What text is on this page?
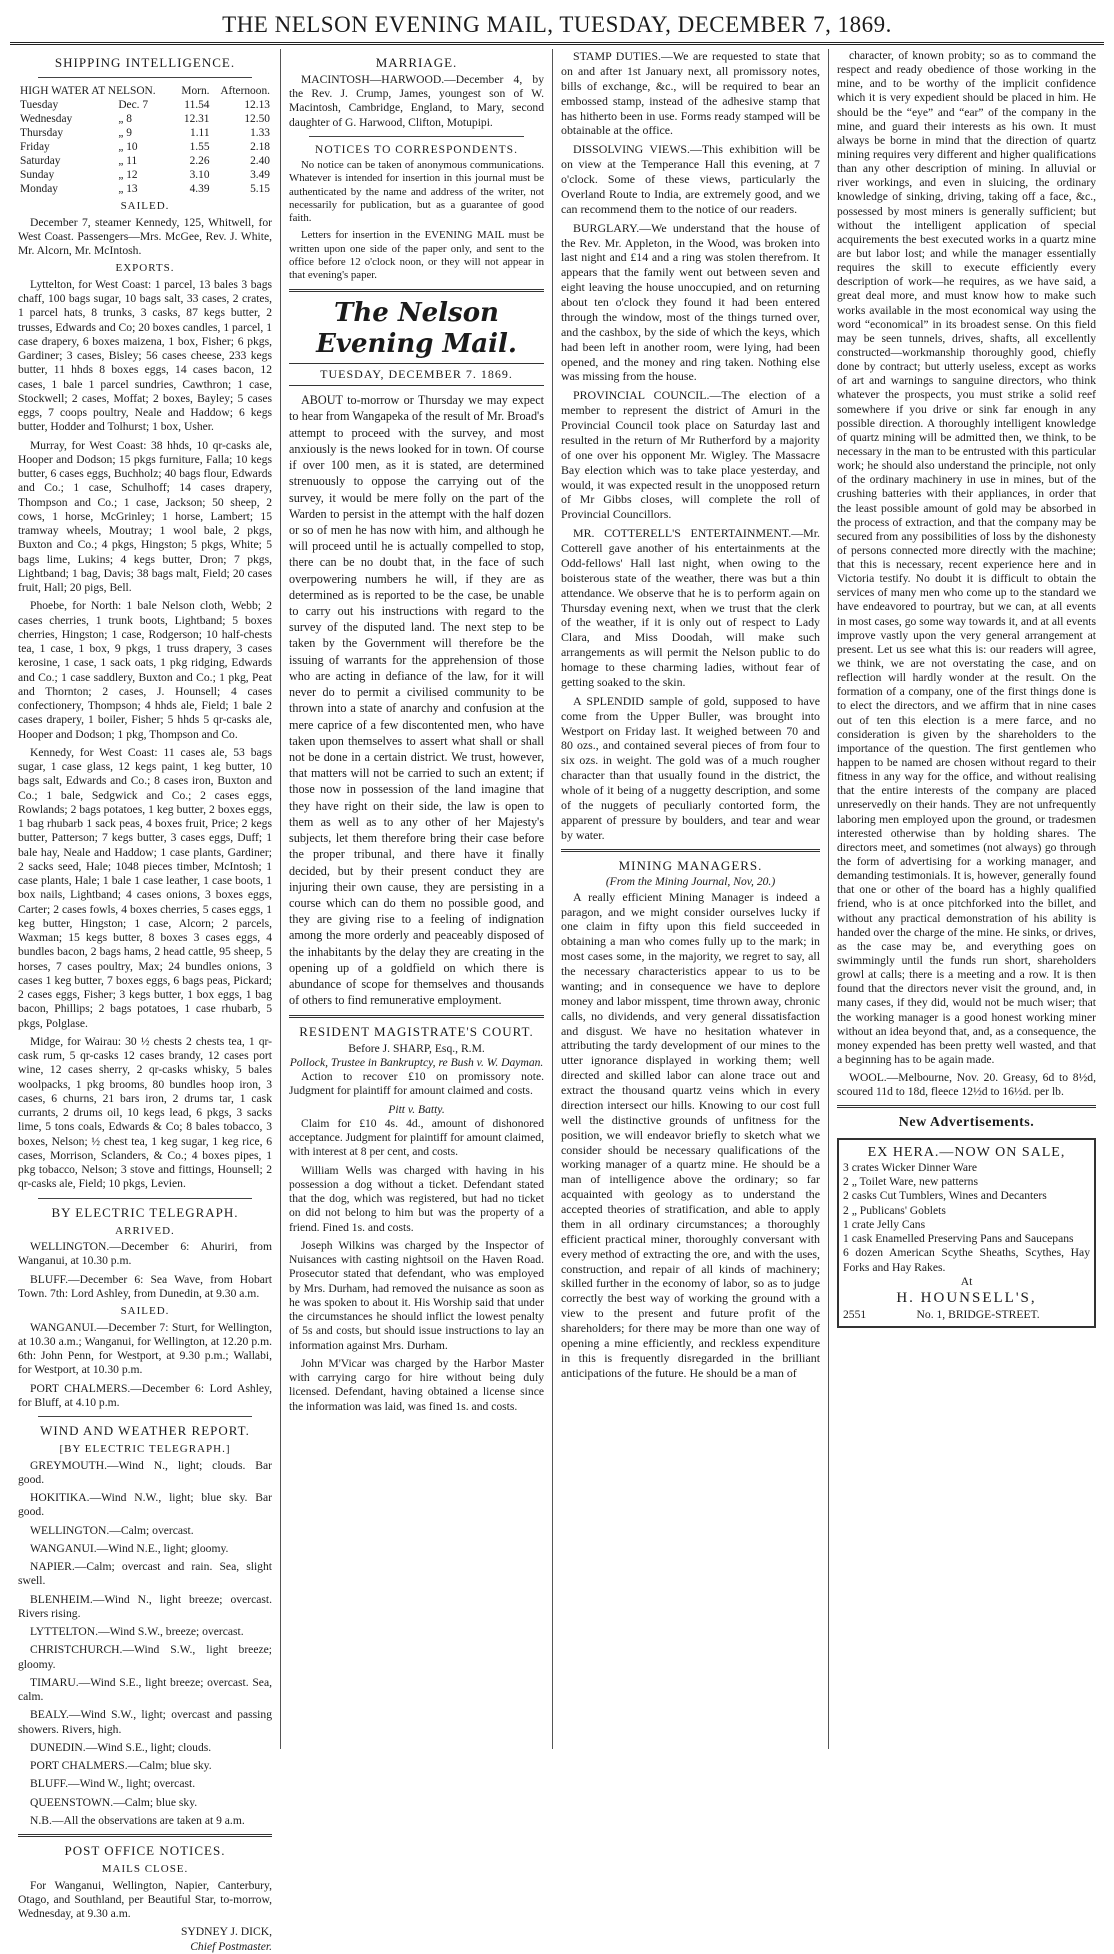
THE NELSON EVENING MAIL, TUESDAY, DECEMBER 7, 1869.
SHIPPING INTELLIGENCE.
HIGH WATER AT NELSON.		Morn.	Afternoon.
Tuesday	Dec. 7	11.54	12.13
Wednesday	„ 8	12.31	12.50
Thursday	„ 9	1.11	1.33
Friday	„ 10	1.55	2.18
Saturday	„ 11	2.26	2.40
Sunday	„ 12	3.10	3.49
Monday	„ 13	4.39	5.15
SAILED.

December 7, steamer Kennedy, 125, Whitwell, for West Coast. Passengers—Mrs. McGee, Rev. J. White, Mr. Alcorn, Mr. McIntosh.

EXPORTS.

Lyttelton, for West Coast: 1 parcel, 13 bales 3 bags chaff, 100 bags sugar, 10 bags salt, 33 cases, 2 crates, 1 parcel hats, 8 trunks, 3 casks, 87 kegs butter, 2 trusses, Edwards and Co; 20 boxes candles, 1 parcel, 1 case drapery, 6 boxes maizena, 1 box, Fisher; 6 pkgs, Gardiner; 3 cases, Bisley; 56 cases cheese, 233 kegs butter, 11 hhds 8 boxes eggs, 14 cases bacon, 12 cases, 1 bale 1 parcel sundries, Cawthron; 1 case, Stockwell; 2 cases, Moffat; 2 boxes, Bayley; 5 cases eggs, 7 coops poultry, Neale and Haddow; 6 kegs butter, Hodder and Tolhurst; 1 box, Usher.

Murray, for West Coast: 38 hhds, 10 qr-casks ale, Hooper and Dodson; 15 pkgs furniture, Falla; 10 kegs butter, 6 cases eggs, Buchholz; 40 bags flour, Edwards and Co.; 1 case, Schulhoff; 14 cases drapery, Thompson and Co.; 1 case, Jackson; 50 sheep, 2 cows, 1 horse, McGrinley; 1 horse, Lambert; 15 tramway wheels, Moutray; 1 wool bale, 2 pkgs, Buxton and Co.; 4 pkgs, Hingston; 5 pkgs, White; 5 bags lime, Lukins; 4 kegs butter, Dron; 7 pkgs, Lightband; 1 bag, Davis; 38 bags malt, Field; 20 cases fruit, Hall; 20 pigs, Bell.

Phoebe, for North: 1 bale Nelson cloth, Webb; 2 cases cherries, 1 trunk boots, Lightband; 5 boxes cherries, Hingston; 1 case, Rodgerson; 10 half-chests tea, 1 case, 1 box, 9 pkgs, 1 truss drapery, 3 cases kerosine, 1 case, 1 sack oats, 1 pkg ridging, Edwards and Co.; 1 case saddlery, Buxton and Co.; 1 pkg, Peat and Thornton; 2 cases, J. Hounsell; 4 cases confectionery, Thompson; 4 hhds ale, Field; 1 bale 2 cases drapery, 1 boiler, Fisher; 5 hhds 5 qr-casks ale, Hooper and Dodson; 1 pkg, Thompson and Co.

Kennedy, for West Coast: 11 cases ale, 53 bags sugar, 1 case glass, 12 kegs paint, 1 keg butter, 10 bags salt, Edwards and Co.; 8 cases iron, Buxton and Co.; 1 bale, Sedgwick and Co.; 2 cases eggs, Rowlands; 2 bags potatoes, 1 keg butter, 2 boxes eggs, 1 bag rhubarb 1 sack peas, 4 boxes fruit, Price; 2 kegs butter, Patterson; 7 kegs butter, 3 cases eggs, Duff; 1 bale hay, Neale and Haddow; 1 case plants, Gardiner; 2 sacks seed, Hale; 1048 pieces timber, McIntosh; 1 case plants, Hale; 1 bale 1 case leather, 1 case boots, 1 box nails, Lightband; 4 cases onions, 3 boxes eggs, Carter; 2 cases fowls, 4 boxes cherries, 5 cases eggs, 1 keg butter, Hingston; 1 case, Alcorn; 2 parcels, Waxman; 15 kegs butter, 8 boxes 3 cases eggs, 4 bundles bacon, 2 bags hams, 2 head cattle, 95 sheep, 5 horses, 7 cases poultry, Max; 24 bundles onions, 3 cases 1 keg butter, 7 boxes eggs, 6 bags peas, Pickard; 2 cases eggs, Fisher; 3 kegs butter, 1 box eggs, 1 bag bacon, Phillips; 2 bags potatoes, 1 case rhubarb, 5 pkgs, Polglase.

Midge, for Wairau: 30 ½ chests 2 chests tea, 1 qr-cask rum, 5 qr-casks 12 cases brandy, 12 cases port wine, 12 cases sherry, 2 qr-casks whisky, 5 bales woolpacks, 1 pkg brooms, 80 bundles hoop iron, 3 cases, 6 churns, 21 bars iron, 2 drums tar, 1 cask currants, 2 drums oil, 10 kegs lead, 6 pkgs, 3 sacks lime, 5 tons coals, Edwards & Co; 8 bales tobacco, 3 boxes, Nelson; ½ chest tea, 1 keg sugar, 1 keg rice, 6 cases, Morrison, Sclanders, & Co.; 4 boxes pipes, 1 pkg tobacco, Nelson; 3 stove and fittings, Hounsell; 2 qr-casks ale, Field; 10 pkgs, Levien.

BY ELECTRIC TELEGRAPH.
ARRIVED.

WELLINGTON.—December 6: Ahuriri, from Wanganui, at 10.30 p.m.

BLUFF.—December 6: Sea Wave, from Hobart Town. 7th: Lord Ashley, from Dunedin, at 9.30 a.m.

SAILED.

WANGANUI.—December 7: Sturt, for Wellington, at 10.30 a.m.; Wanganui, for Wellington, at 12.20 p.m. 6th: John Penn, for Westport, at 9.30 p.m.; Wallabi, for Westport, at 10.30 p.m.

PORT CHALMERS.—December 6: Lord Ashley, for Bluff, at 4.10 p.m.

WIND AND WEATHER REPORT.
[BY ELECTRIC TELEGRAPH.]

GREYMOUTH.—Wind N., light; clouds. Bar good.

HOKITIKA.—Wind N.W., light; blue sky. Bar good.

WELLINGTON.—Calm; overcast.

WANGANUI.—Wind N.E., light; gloomy.

NAPIER.—Calm; overcast and rain. Sea, slight swell.

BLENHEIM.—Wind N., light breeze; overcast. Rivers rising.

LYTTELTON.—Wind S.W., breeze; overcast.

CHRISTCHURCH.—Wind S.W., light breeze; gloomy.

TIMARU.—Wind S.E., light breeze; overcast. Sea, calm.

BEALY.—Wind S.W., light; overcast and passing showers. Rivers, high.

DUNEDIN.—Wind S.E., light; clouds.

PORT CHALMERS.—Calm; blue sky.

BLUFF.—Wind W., light; overcast.

QUEENSTOWN.—Calm; blue sky.

N.B.—All the observations are taken at 9 a.m.

POST OFFICE NOTICES.
MAILS CLOSE.

For Wanganui, Wellington, Napier, Canterbury, Otago, and Southland, per Beautiful Star, to-morrow, Wednesday, at 9.30 a.m.

SYDNEY J. DICK,
Chief Postmaster.
MARRIAGE.

MACINTOSH—HARWOOD.—December 4, by the Rev. J. Crump, James, youngest son of W. Macintosh, Cambridge, England, to Mary, second daughter of G. Harwood, Clifton, Motupipi.

NOTICES TO CORRESPONDENTS.

No notice can be taken of anonymous communications. Whatever is intended for insertion in this journal must be authenticated by the name and address of the writer, not necessarily for publication, but as a guarantee of good faith.

Letters for insertion in the EVENING MAIL must be written upon one side of the paper only, and sent to the office before 12 o'clock noon, or they will not appear in that evening's paper.

The Nelson Evening Mail.
TUESDAY, DECEMBER 7. 1869.

ABOUT to-morrow or Thursday we may expect to hear from Wangapeka of the result of Mr. Broad's attempt to proceed with the survey, and most anxiously is the news looked for in town. Of course if over 100 men, as it is stated, are determined strenuously to oppose the carrying out of the survey, it would be mere folly on the part of the Warden to persist in the attempt with the half dozen or so of men he has now with him, and although he will proceed until he is actually compelled to stop, there can be no doubt that, in the face of such overpowering numbers he will, if they are as determined as is reported to be the case, be unable to carry out his instructions with regard to the survey of the disputed land. The next step to be taken by the Government will therefore be the issuing of warrants for the apprehension of those who are acting in defiance of the law, for it will never do to permit a civilised community to be thrown into a state of anarchy and confusion at the mere caprice of a few discontented men, who have taken upon themselves to assert what shall or shall not be done in a certain district. We trust, however, that matters will not be carried to such an extent; if those now in possession of the land imagine that they have right on their side, the law is open to them as well as to any other of her Majesty's subjects, let them therefore bring their case before the proper tribunal, and there have it finally decided, but by their present conduct they are injuring their own cause, they are persisting in a course which can do them no possible good, and they are giving rise to a feeling of indignation among the more orderly and peaceably disposed of the inhabitants by the delay they are creating in the opening up of a goldfield on which there is abundance of scope for themselves and thousands of others to find remunerative employment.

RESIDENT MAGISTRATE'S COURT.
Before J. SHARP, Esq., R.M.
Pollock, Trustee in Bankruptcy, re Bush v. W. Dayman.

Action to recover £10 on promissory note. Judgment for plaintiff for amount claimed and costs.

Pitt v. Batty.

Claim for £10 4s. 4d., amount of dishonored acceptance. Judgment for plaintiff for amount claimed, with interest at 8 per cent, and costs.

William Wells was charged with having in his possession a dog without a ticket. Defendant stated that the dog, which was registered, but had no ticket on did not belong to him but was the property of a friend. Fined 1s. and costs.

Joseph Wilkins was charged by the Inspector of Nuisances with casting nightsoil on the Haven Road. Prosecutor stated that defendant, who was employed by Mrs. Durham, had removed the nuisance as soon as he was spoken to about it. His Worship said that under the circumstances he should inflict the lowest penalty of 5s and costs, but should issue instructions to lay an information against Mrs. Durham.

John M'Vicar was charged by the Harbor Master with carrying cargo for hire without being duly licensed. Defendant, having obtained a license since the information was laid, was fined 1s. and costs.

STAMP DUTIES.—We are requested to state that on and after 1st January next, all promissory notes, bills of exchange, &c., will be required to bear an embossed stamp, instead of the adhesive stamp that has hitherto been in use. Forms ready stamped will be obtainable at the office.

DISSOLVING VIEWS.—This exhibition will be on view at the Temperance Hall this evening, at 7 o'clock. Some of these views, particularly the Overland Route to India, are extremely good, and we can recommend them to the notice of our readers.

BURGLARY.—We understand that the house of the Rev. Mr. Appleton, in the Wood, was broken into last night and £14 and a ring was stolen therefrom. It appears that the family went out between seven and eight leaving the house unoccupied, and on returning about ten o'clock they found it had been entered through the window, most of the things turned over, and the cashbox, by the side of which the keys, which had been left in another room, were lying, had been opened, and the money and ring taken. Nothing else was missing from the house.

PROVINCIAL COUNCIL.—The election of a member to represent the district of Amuri in the Provincial Council took place on Saturday last and resulted in the return of Mr Rutherford by a majority of one over his opponent Mr. Wigley. The Massacre Bay election which was to take place yesterday, and would, it was expected result in the unopposed return of Mr Gibbs closes, will complete the roll of Provincial Councillors.

MR. COTTERELL'S ENTERTAINMENT.—Mr. Cotterell gave another of his entertainments at the Odd-fellows' Hall last night, when owing to the boisterous state of the weather, there was but a thin attendance. We observe that he is to perform again on Thursday evening next, when we trust that the clerk of the weather, if it is only out of respect to Lady Clara, and Miss Doodah, will make such arrangements as will permit the Nelson public to do homage to these charming ladies, without fear of getting soaked to the skin.

A SPLENDID sample of gold, supposed to have come from the Upper Buller, was brought into Westport on Friday last. It weighed between 70 and 80 ozs., and contained several pieces of from four to six ozs. in weight. The gold was of a much rougher character than that usually found in the district, the whole of it being of a nuggetty description, and some of the nuggets of peculiarly contorted form, the apparent of pressure by boulders, and tear and wear by water.

MINING MANAGERS.
(From the Mining Journal, Nov, 20.)

A really efficient Mining Manager is indeed a paragon, and we might consider ourselves lucky if one claim in fifty upon this field succeeded in obtaining a man who comes fully up to the mark; in most cases some, in the majority, we regret to say, all the necessary characteristics appear to us to be wanting; and in consequence we have to deplore money and labor misspent, time thrown away, chronic calls, no dividends, and very general dissatisfaction and disgust. We have no hesitation whatever in attributing the tardy development of our mines to the utter ignorance displayed in working them; well directed and skilled labor can alone trace out and extract the thousand quartz veins which in every direction intersect our hills. Knowing to our cost full well the distinctive grounds of unfitness for the position, we will endeavor briefly to sketch what we consider should be necessary qualifications of the working manager of a quartz mine. He should be a man of intelligence above the ordinary; so far acquainted with geology as to understand the accepted theories of stratification, and able to apply them in all ordinary circumstances; a thoroughly efficient practical miner, thoroughly conversant with every method of extracting the ore, and with the uses, construction, and repair of all kinds of machinery; skilled further in the economy of labor, so as to judge correctly the best way of working the ground with a view to the present and future profit of the shareholders; for there may be more than one way of opening a mine efficiently, and reckless expenditure in this is frequently disregarded in the brilliant anticipations of the future. He should be a man of

character, of known probity; so as to command the respect and ready obedience of those working in the mine, and to be worthy of the implicit confidence which it is very expedient should be placed in him. He should be the “eye” and “ear” of the company in the mine, and guard their interests as his own. It must always be borne in mind that the direction of quartz mining requires very different and higher qualifications than any other description of mining. In alluvial or river workings, and even in sluicing, the ordinary knowledge of sinking, driving, taking off a face, &c., possessed by most miners is generally sufficient; but without the intelligent application of special acquirements the best executed works in a quartz mine are but labor lost; and while the manager essentially requires the skill to execute efficiently every description of work—he requires, as we have said, a great deal more, and must know how to make such works available in the most economical way using the word “economical” in its broadest sense. On this field may be seen tunnels, drives, shafts, all excellently constructed—workmanship thoroughly good, chiefly done by contract; but utterly useless, except as works of art and warnings to sanguine directors, who think whatever the prospects, you must strike a solid reef somewhere if you drive or sink far enough in any possible direction. A thoroughly intelligent knowledge of quartz mining will be admitted then, we think, to be necessary in the man to be entrusted with this particular work; he should also understand the principle, not only of the ordinary machinery in use in mines, but of the crushing batteries with their appliances, in order that the least possible amount of gold may be absorbed in the process of extraction, and that the company may be secured from any possibilities of loss by the dishonesty of persons connected more directly with the machine; that this is necessary, recent experience here and in Victoria testify. No doubt it is difficult to obtain the services of many men who come up to the standard we have endeavored to pourtray, but we can, at all events in most cases, go some way towards it, and at all events improve vastly upon the very general arrangement at present. Let us see what this is: our readers will agree, we think, we are not overstating the case, and on reflection will hardly wonder at the result. On the formation of a company, one of the first things done is to elect the directors, and we affirm that in nine cases out of ten this election is a mere farce, and no consideration is given by the shareholders to the importance of the question. The first gentlemen who happen to be named are chosen without regard to their fitness in any way for the office, and without realising that the entire interests of the company are placed unreservedly on their hands. They are not unfrequently laboring men employed upon the ground, or tradesmen interested otherwise than by holding shares. The directors meet, and sometimes (not always) go through the form of advertising for a working manager, and demanding testimonials. It is, however, generally found that one or other of the board has a highly qualified friend, who is at once pitchforked into the billet, and without any practical demonstration of his ability is handed over the charge of the mine. He sinks, or drives, as the case may be, and everything goes on swimmingly until the funds run short, shareholders growl at calls; there is a meeting and a row. It is then found that the directors never visit the ground, and, in many cases, if they did, would not be much wiser; that the working manager is a good honest working miner without an idea beyond that, and, as a consequence, the money expended has been pretty well wasted, and that a beginning has to be again made.

WOOL.—Melbourne, Nov. 20. Greasy, 6d to 8½d, scoured 11d to 18d, fleece 12½d to 16½d. per lb.

New Advertisements.
EX HERA.—NOW ON SALE,
3 crates Wicker Dinner Ware
2 „ Toilet Ware, new patterns
2 casks Cut Tumblers, Wines and Decanters
2 „ Publicans' Goblets
1 crate Jelly Cans
1 cask Enamelled Preserving Pans and Saucepans
6 dozen American Scythe Sheaths, Scythes, Hay Forks and Hay Rakes.
At
H. HOUNSELL'S,
2551	No. 1, BRIDGE-STREET.
